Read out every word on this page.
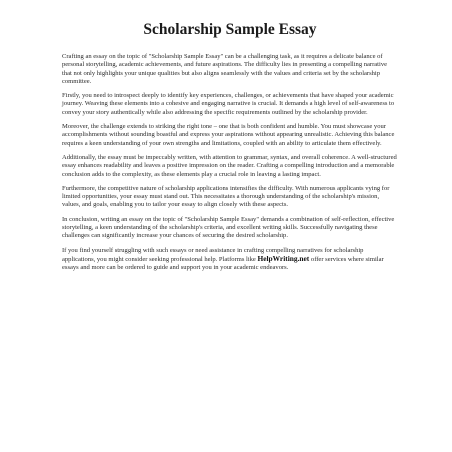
Scholarship Sample Essay

Crafting an essay on the topic of "Scholarship Sample Essay" can be a challenging task, as it requires a delicate balance of personal storytelling, academic achievements, and future aspirations. The difficulty lies in presenting a compelling narrative that not only highlights your unique qualities but also aligns seamlessly with the values and criteria set by the scholarship committee.

Firstly, you need to introspect deeply to identify key experiences, challenges, or achievements that have shaped your academic journey. Weaving these elements into a cohesive and engaging narrative is crucial. It demands a high level of self-awareness to convey your story authentically while also addressing the specific requirements outlined by the scholarship provider.

Moreover, the challenge extends to striking the right tone – one that is both confident and humble. You must showcase your accomplishments without sounding boastful and express your aspirations without appearing unrealistic. Achieving this balance requires a keen understanding of your own strengths and limitations, coupled with an ability to articulate them effectively.

Additionally, the essay must be impeccably written, with attention to grammar, syntax, and overall coherence. A well-structured essay enhances readability and leaves a positive impression on the reader. Crafting a compelling introduction and a memorable conclusion adds to the complexity, as these elements play a crucial role in leaving a lasting impact.

Furthermore, the competitive nature of scholarship applications intensifies the difficulty. With numerous applicants vying for limited opportunities, your essay must stand out. This necessitates a thorough understanding of the scholarship's mission, values, and goals, enabling you to tailor your essay to align closely with these aspects.

In conclusion, writing an essay on the topic of "Scholarship Sample Essay" demands a combination of self-reflection, effective storytelling, a keen understanding of the scholarship's criteria, and excellent writing skills. Successfully navigating these challenges can significantly increase your chances of securing the desired scholarship.

If you find yourself struggling with such essays or need assistance in crafting compelling narratives for scholarship applications, you might consider seeking professional help. Platforms like HelpWriting.net offer services where similar essays and more can be ordered to guide and support you in your academic endeavors.
